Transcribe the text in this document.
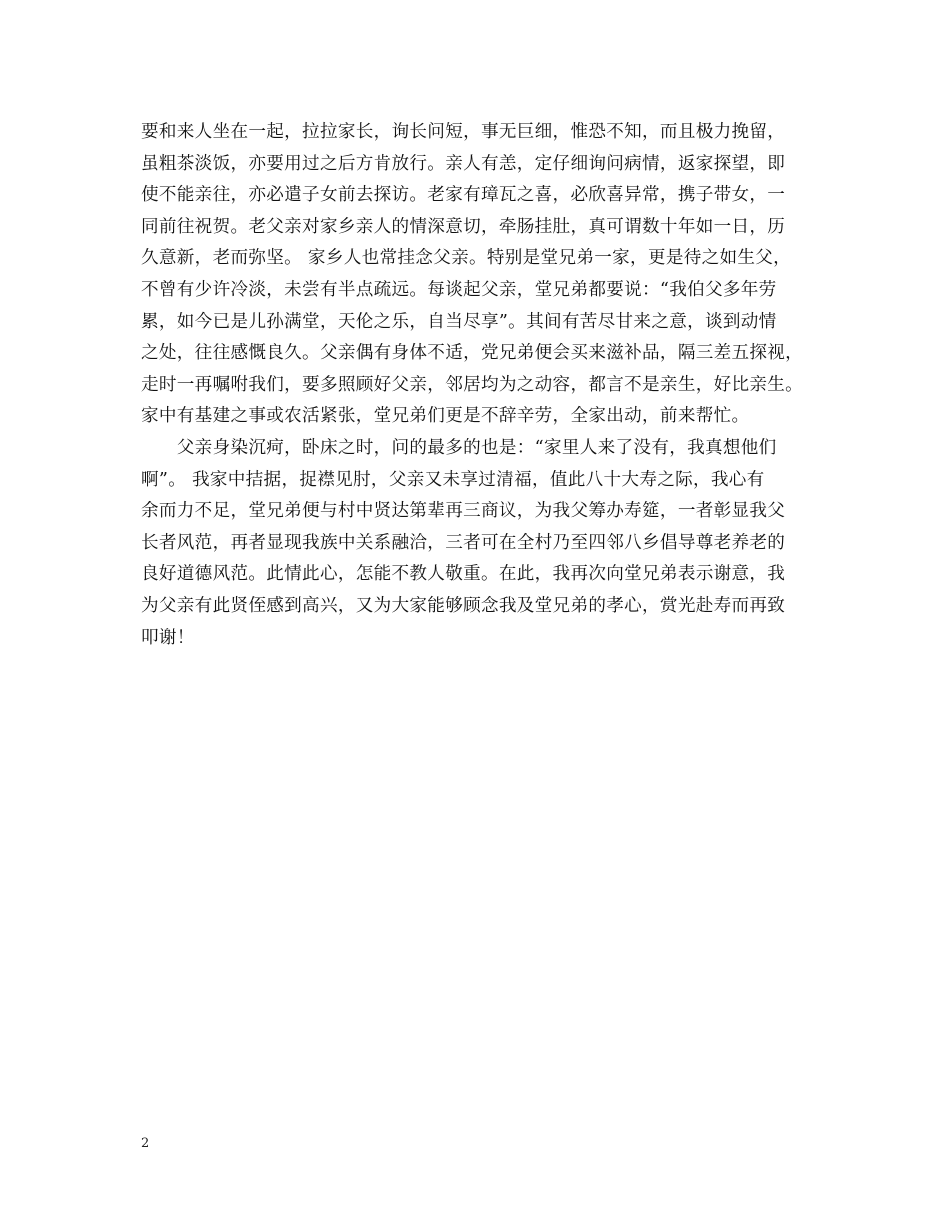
要和来人坐在一起，拉拉家长，询长问短，事无巨细，惟恐不知，而且极力挽留，
虽粗茶淡饭，亦要用过之后方肯放行。亲人有恙，定仔细询问病情，返家探望，即
使不能亲往，亦必遣子女前去探访。老家有璋瓦之喜，必欣喜异常，携子带女，一
同前往祝贺。老父亲对家乡亲人的情深意切，牵肠挂肚，真可谓数十年如一日，历
久意新，老而弥坚。 家乡人也常挂念父亲。特别是堂兄弟一家，更是待之如生父，
不曾有少许冷淡，未尝有半点疏远。每谈起父亲，堂兄弟都要说：“我伯父多年劳
累，如今已是儿孙满堂，天伦之乐，自当尽享”。其间有苦尽甘来之意，谈到动情
之处，往往感慨良久。父亲偶有身体不适，党兄弟便会买来滋补品，隔三差五探视，
走时一再嘱咐我们，要多照顾好父亲，邻居均为之动容，都言不是亲生，好比亲生。
家中有基建之事或农活紧张，堂兄弟们更是不辞辛劳，全家出动，前来帮忙。
　　父亲身染沉疴，卧床之时，问的最多的也是：“家里人来了没有，我真想他们
啊”。 我家中拮据，捉襟见肘，父亲又未享过清福，值此八十大寿之际，我心有
余而力不足，堂兄弟便与村中贤达第辈再三商议，为我父筹办寿筵，一者彰显我父
长者风范，再者显现我族中关系融洽，三者可在全村乃至四邻八乡倡导尊老养老的
良好道德风范。此情此心，怎能不教人敬重。在此，我再次向堂兄弟表示谢意，我
为父亲有此贤侄感到高兴，又为大家能够顾念我及堂兄弟的孝心，赏光赴寿而再致
叩谢！
2
